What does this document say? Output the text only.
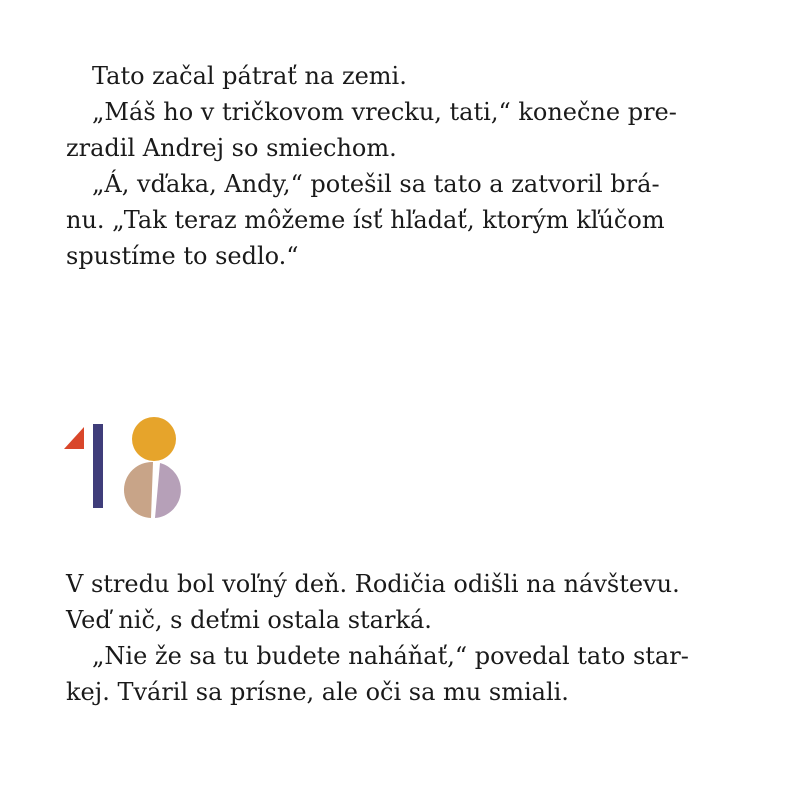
Tato začal pátrať na zemi.

„Máš ho v tričkovom vrecku, tati,“ konečne pre-

zradil Andrej so smiechom.

„Á, vďaka, Andy,“ potešil sa tato a zatvoril brá-

nu. „Tak teraz môžeme ísť hľadať, ktorým kľúčom

spustíme to sedlo.“

V stredu bol voľný deň. Rodičia odišli na návštevu.

Veď nič, s deťmi ostala starká.

„Nie že sa tu budete naháňať,“ povedal tato star-

kej. Tváril sa prísne, ale oči sa mu smiali.
